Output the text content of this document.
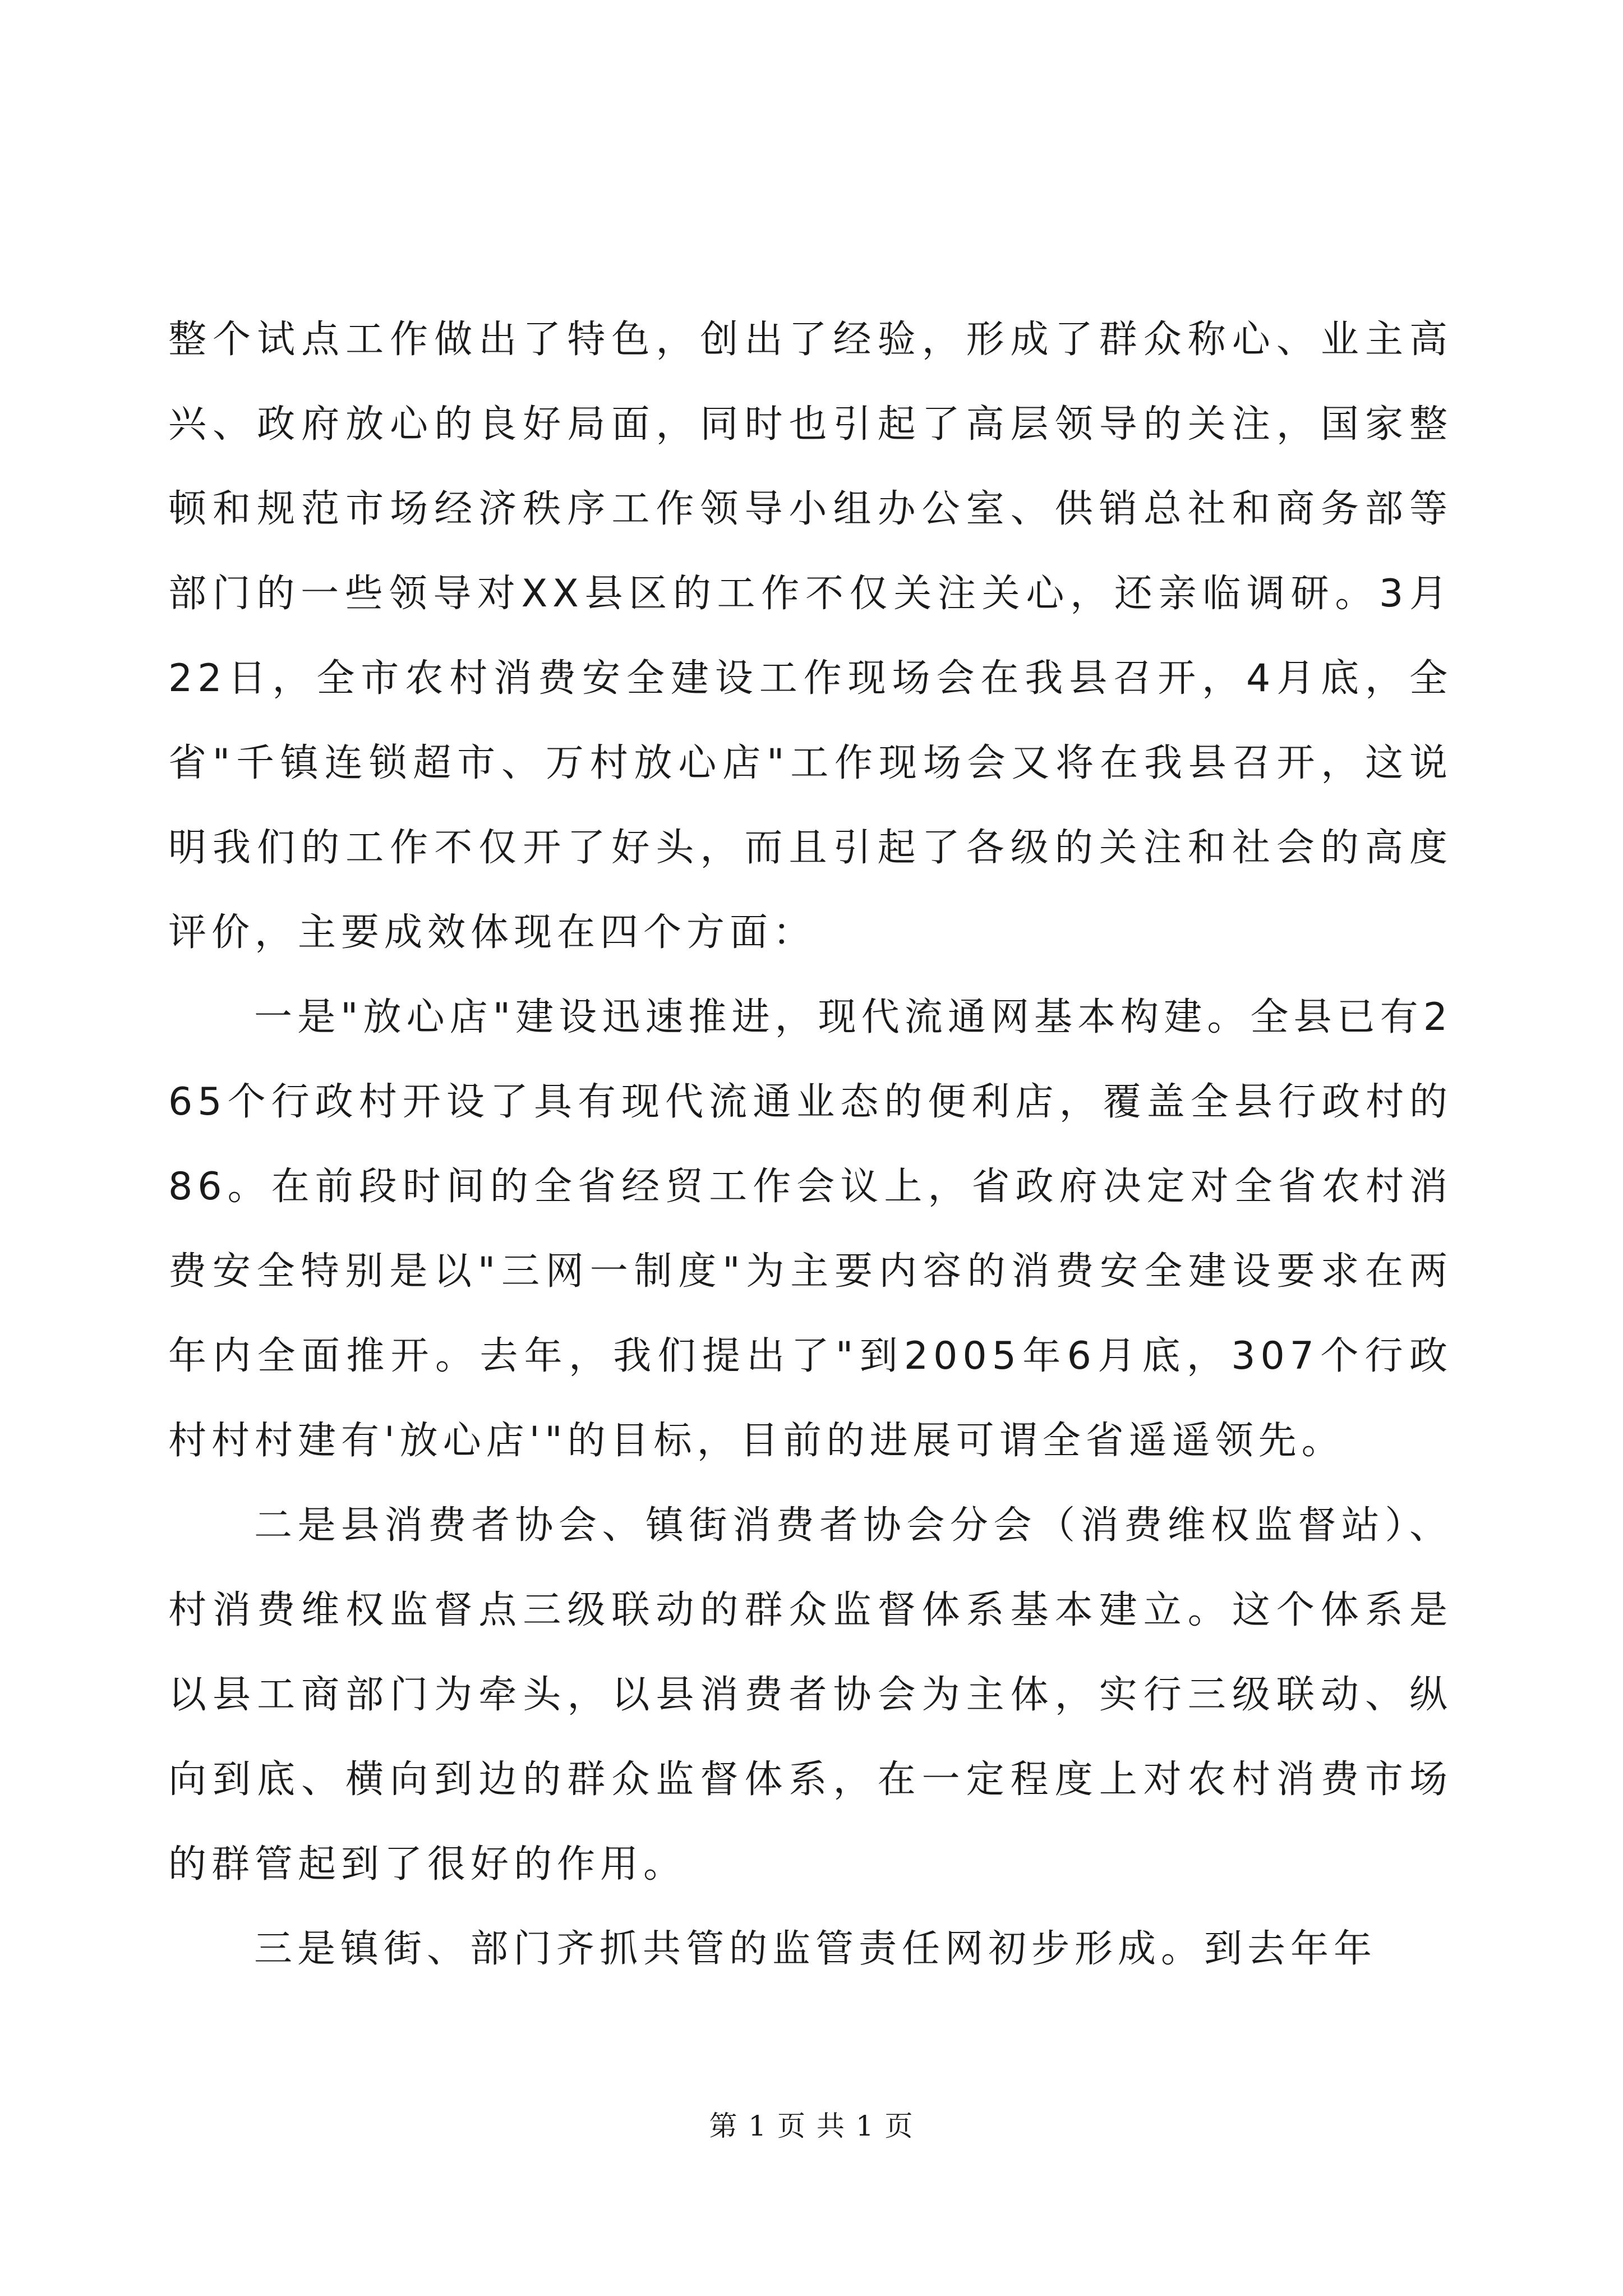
整个试点工作做出了特色，创出了经验，形成了群众称心、业主高兴、政府放心的良好局面，同时也引起了高层领导的关注，国家整顿和规范市场经济秩序工作领导小组办公室、供销总社和商务部等部门的一些领导对XX县区的工作不仅关注关心，还亲临调研。3月22日，全市农村消费安全建设工作现场会在我县召开，4月底，全省"千镇连锁超市、万村放心店"工作现场会又将在我县召开，这说明我们的工作不仅开了好头，而且引起了各级的关注和社会的高度评价，主要成效体现在四个方面：

一是"放心店"建设迅速推进，现代流通网基本构建。全县已有265个行政村开设了具有现代流通业态的便利店，覆盖全县行政村的86。在前段时间的全省经贸工作会议上，省政府决定对全省农村消费安全特别是以"三网一制度"为主要内容的消费安全建设要求在两年内全面推开。去年，我们提出了"到2005年6月底，307个行政村村村建有'放心店'"的目标，目前的进展可谓全省遥遥领先。

二是县消费者协会、镇街消费者协会分会（消费维权监督站）、村消费维权监督点三级联动的群众监督体系基本建立。这个体系是以县工商部门为牵头，以县消费者协会为主体，实行三级联动、纵向到底、横向到边的群众监督体系，在一定程度上对农村消费市场的群管起到了很好的作用。

三是镇街、部门齐抓共管的监管责任网初步形成。到去年年

第 1 页 共 1 页
